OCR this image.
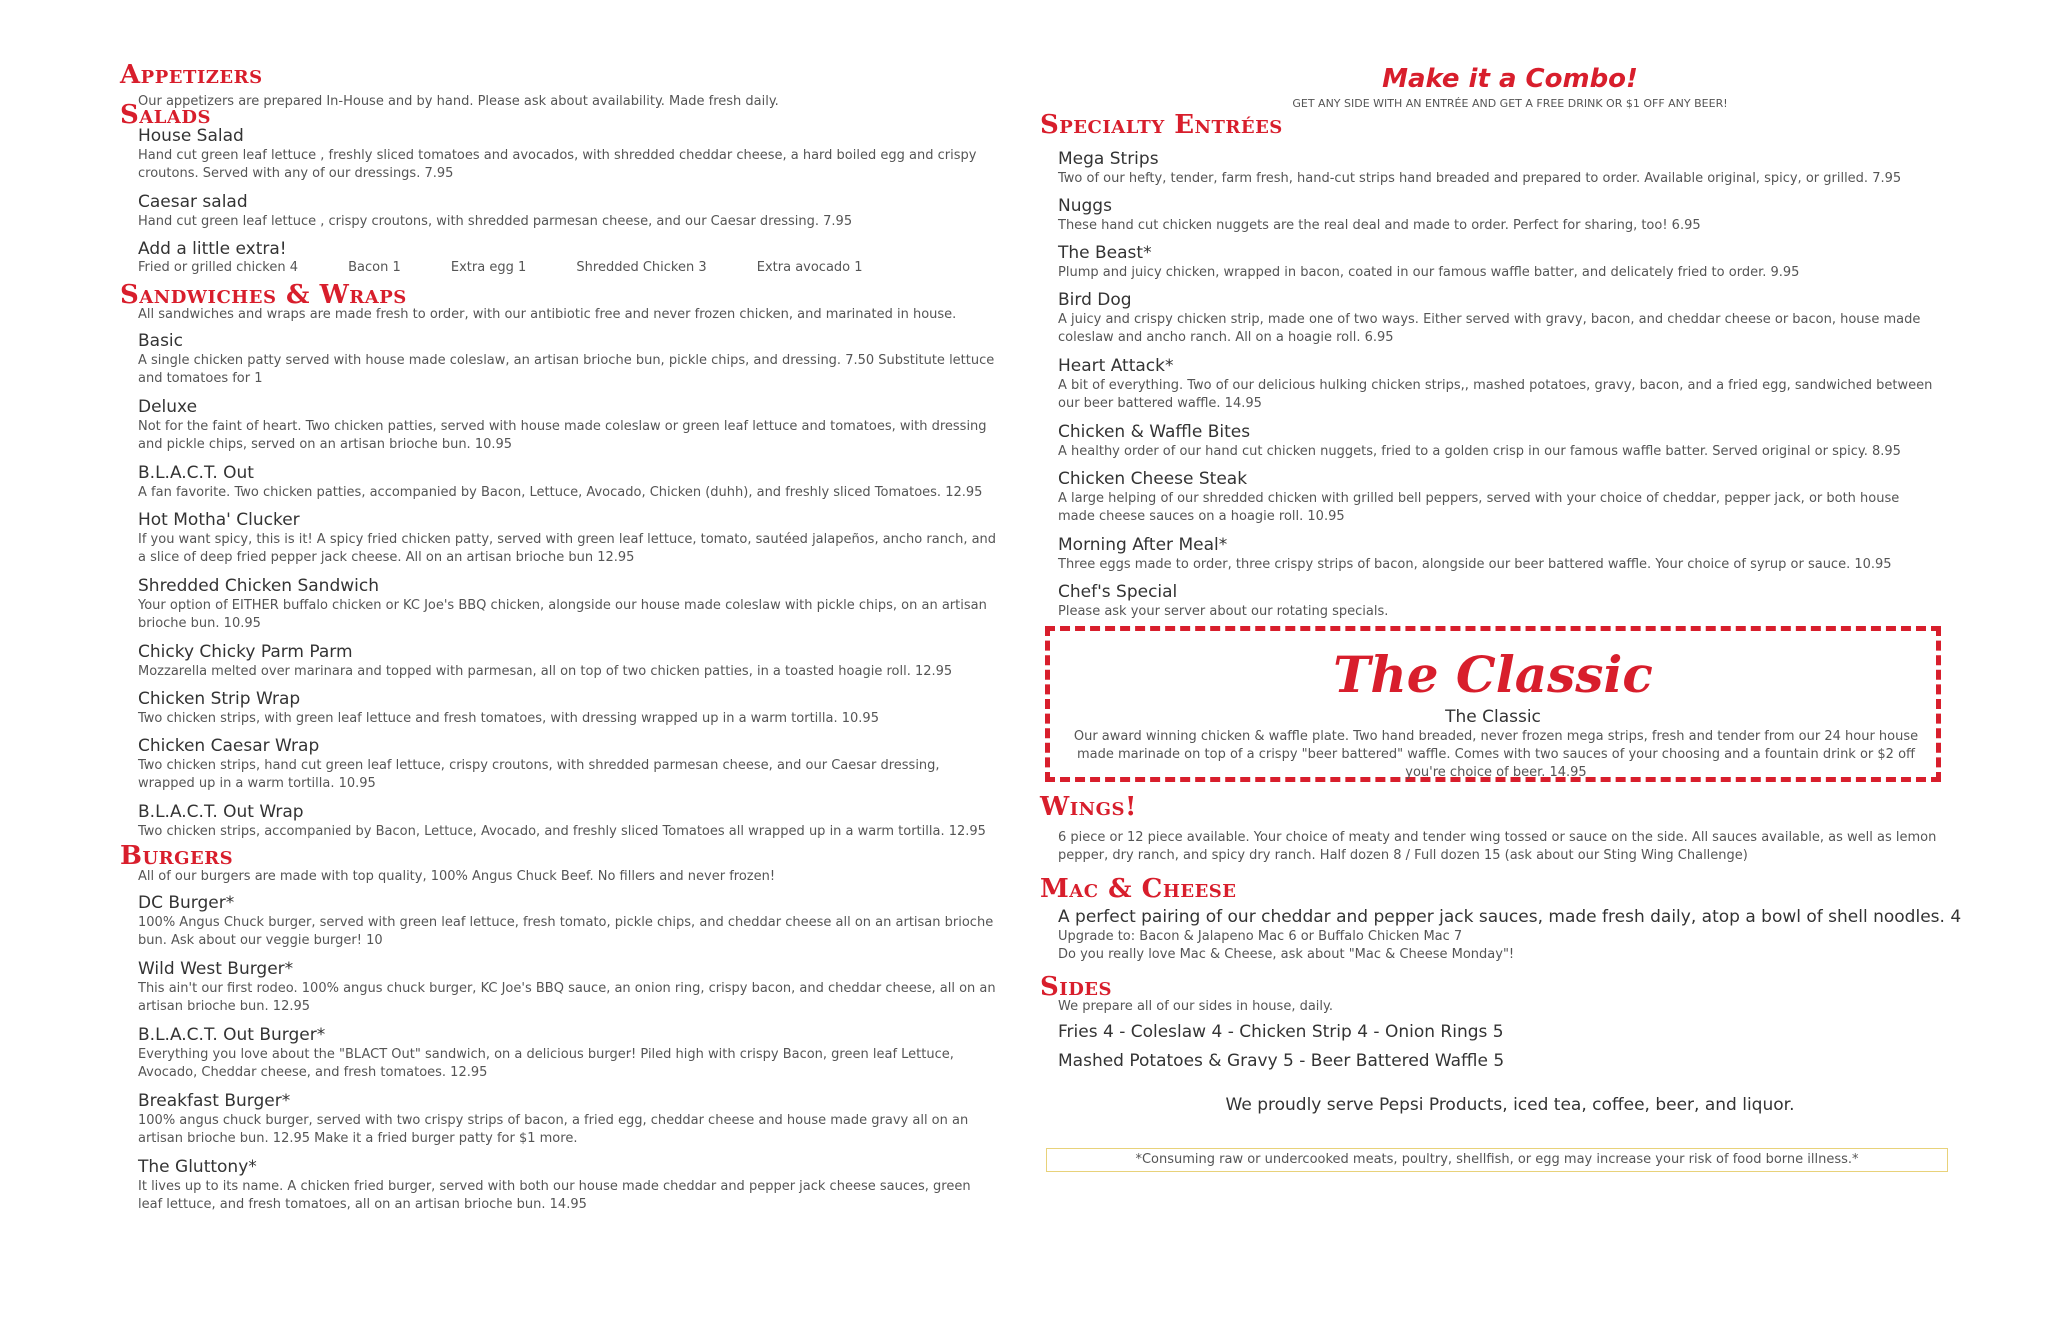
Appetizers
Our appetizers are prepared In-House and by hand. Please ask about availability. Made fresh daily.
Salads
House Salad
Hand cut green leaf lettuce , freshly sliced tomatoes and avocados, with shredded cheddar cheese, a hard boiled egg and crispy croutons. Served with any of our dressings. 7.95
Caesar salad
Hand cut green leaf lettuce , crispy croutons, with shredded parmesan cheese, and our Caesar dressing. 7.95
Add a little extra!
Fried or grilled chicken 4	Bacon 1	Extra egg 1	Shredded Chicken 3	Extra avocado 1
Sandwiches & Wraps
All sandwiches and wraps are made fresh to order, with our antibiotic free and never frozen chicken, and marinated in house.
Basic
A single chicken patty served with house made coleslaw, an artisan brioche bun, pickle chips, and dressing. 7.50 Substitute lettuce and tomatoes for 1
Deluxe
Not for the faint of heart. Two chicken patties, served with house made coleslaw or green leaf lettuce and tomatoes, with dressing and pickle chips, served on an artisan brioche bun. 10.95
B.L.A.C.T. Out
A fan favorite. Two chicken patties, accompanied by Bacon, Lettuce, Avocado, Chicken (duhh), and freshly sliced Tomatoes. 12.95
Hot Motha' Clucker
If you want spicy, this is it! A spicy fried chicken patty, served with green leaf lettuce, tomato, sautéed jalapeños, ancho ranch, and a slice of deep fried pepper jack cheese. All on an artisan brioche bun 12.95
Shredded Chicken Sandwich
Your option of EITHER buffalo chicken or KC Joe's BBQ chicken, alongside our house made coleslaw with pickle chips, on an artisan brioche bun. 10.95
Chicky Chicky Parm Parm
Mozzarella melted over marinara and topped with parmesan, all on top of two chicken patties, in a toasted hoagie roll. 12.95
Chicken Strip Wrap
Two chicken strips, with green leaf lettuce and fresh tomatoes, with dressing wrapped up in a warm tortilla. 10.95
Chicken Caesar Wrap
Two chicken strips, hand cut green leaf lettuce, crispy croutons, with shredded parmesan cheese, and our Caesar dressing, wrapped up in a warm tortilla. 10.95
B.L.A.C.T. Out Wrap
Two chicken strips, accompanied by Bacon, Lettuce, Avocado, and freshly sliced Tomatoes all wrapped up in a warm tortilla. 12.95
Burgers
All of our burgers are made with top quality, 100% Angus Chuck Beef. No fillers and never frozen!
DC Burger*
100% Angus Chuck burger, served with green leaf lettuce, fresh tomato, pickle chips, and cheddar cheese all on an artisan brioche bun. Ask about our veggie burger! 10
Wild West Burger*
This ain't our first rodeo. 100% angus chuck burger, KC Joe's BBQ sauce, an onion ring, crispy bacon, and cheddar cheese, all on an artisan brioche bun. 12.95
B.L.A.C.T. Out Burger*
Everything you love about the "BLACT Out" sandwich, on a delicious burger! Piled high with crispy Bacon, green leaf Lettuce, Avocado, Cheddar cheese, and fresh tomatoes. 12.95
Breakfast Burger*
100% angus chuck burger, served with two crispy strips of bacon, a fried egg, cheddar cheese and house made gravy all on an artisan brioche bun. 12.95 Make it a fried burger patty for $1 more.
The Gluttony*
It lives up to its name. A chicken fried burger, served with both our house made cheddar and pepper jack cheese sauces, green leaf lettuce, and fresh tomatoes, all on an artisan brioche bun. 14.95
Make it a Combo!
GET ANY SIDE WITH AN ENTRÉE AND GET A FREE DRINK OR $1 OFF ANY BEER!
Specialty Entrées
Mega Strips
Two of our hefty, tender, farm fresh, hand-cut strips hand breaded and prepared to order. Available original, spicy, or grilled. 7.95
Nuggs
These hand cut chicken nuggets are the real deal and made to order. Perfect for sharing, too! 6.95
The Beast*
Plump and juicy chicken, wrapped in bacon, coated in our famous waffle batter, and delicately fried to order. 9.95
Bird Dog
A juicy and crispy chicken strip, made one of two ways. Either served with gravy, bacon, and cheddar cheese or bacon, house made coleslaw and ancho ranch. All on a hoagie roll. 6.95
Heart Attack*
A bit of everything. Two of our delicious hulking chicken strips,, mashed potatoes, gravy, bacon, and a fried egg, sandwiched between our beer battered waffle. 14.95
Chicken & Waffle Bites
A healthy order of our hand cut chicken nuggets, fried to a golden crisp in our famous waffle batter. Served original or spicy. 8.95
Chicken Cheese Steak
A large helping of our shredded chicken with grilled bell peppers, served with your choice of cheddar, pepper jack, or both house made cheese sauces on a hoagie roll. 10.95
Morning After Meal*
Three eggs made to order, three crispy strips of bacon, alongside our beer battered waffle. Your choice of syrup or sauce. 10.95
Chef's Special
Please ask your server about our rotating specials.
Wings!
6 piece or 12 piece available. Your choice of meaty and tender wing tossed or sauce on the side. All sauces available, as well as lemon pepper, dry ranch, and spicy dry ranch. Half dozen 8 / Full dozen 15 (ask about our Sting Wing Challenge)
Mac & Cheese
A perfect pairing of our cheddar and pepper jack sauces, made fresh daily, atop a bowl of shell noodles. 4
Upgrade to: Bacon & Jalapeno Mac 6 or Buffalo Chicken Mac 7
Do you really love Mac & Cheese, ask about "Mac & Cheese Monday"!
Sides
We prepare all of our sides in house, daily.
Fries 4 - Coleslaw 4 - Chicken Strip 4 - Onion Rings 5
Mashed Potatoes & Gravy 5 - Beer Battered Waffle 5
We proudly serve Pepsi Products, iced tea, coffee, beer, and liquor.
The Classic
The Classic
Our award winning chicken & waffle plate. Two hand breaded, never frozen mega strips, fresh and tender from our 24 hour house made marinade on top of a crispy "beer battered" waffle. Comes with two sauces of your choosing and a fountain drink or $2 off you're choice of beer. 14.95
*Consuming raw or undercooked meats, poultry, shellfish, or egg may increase your risk of food borne illness.*
